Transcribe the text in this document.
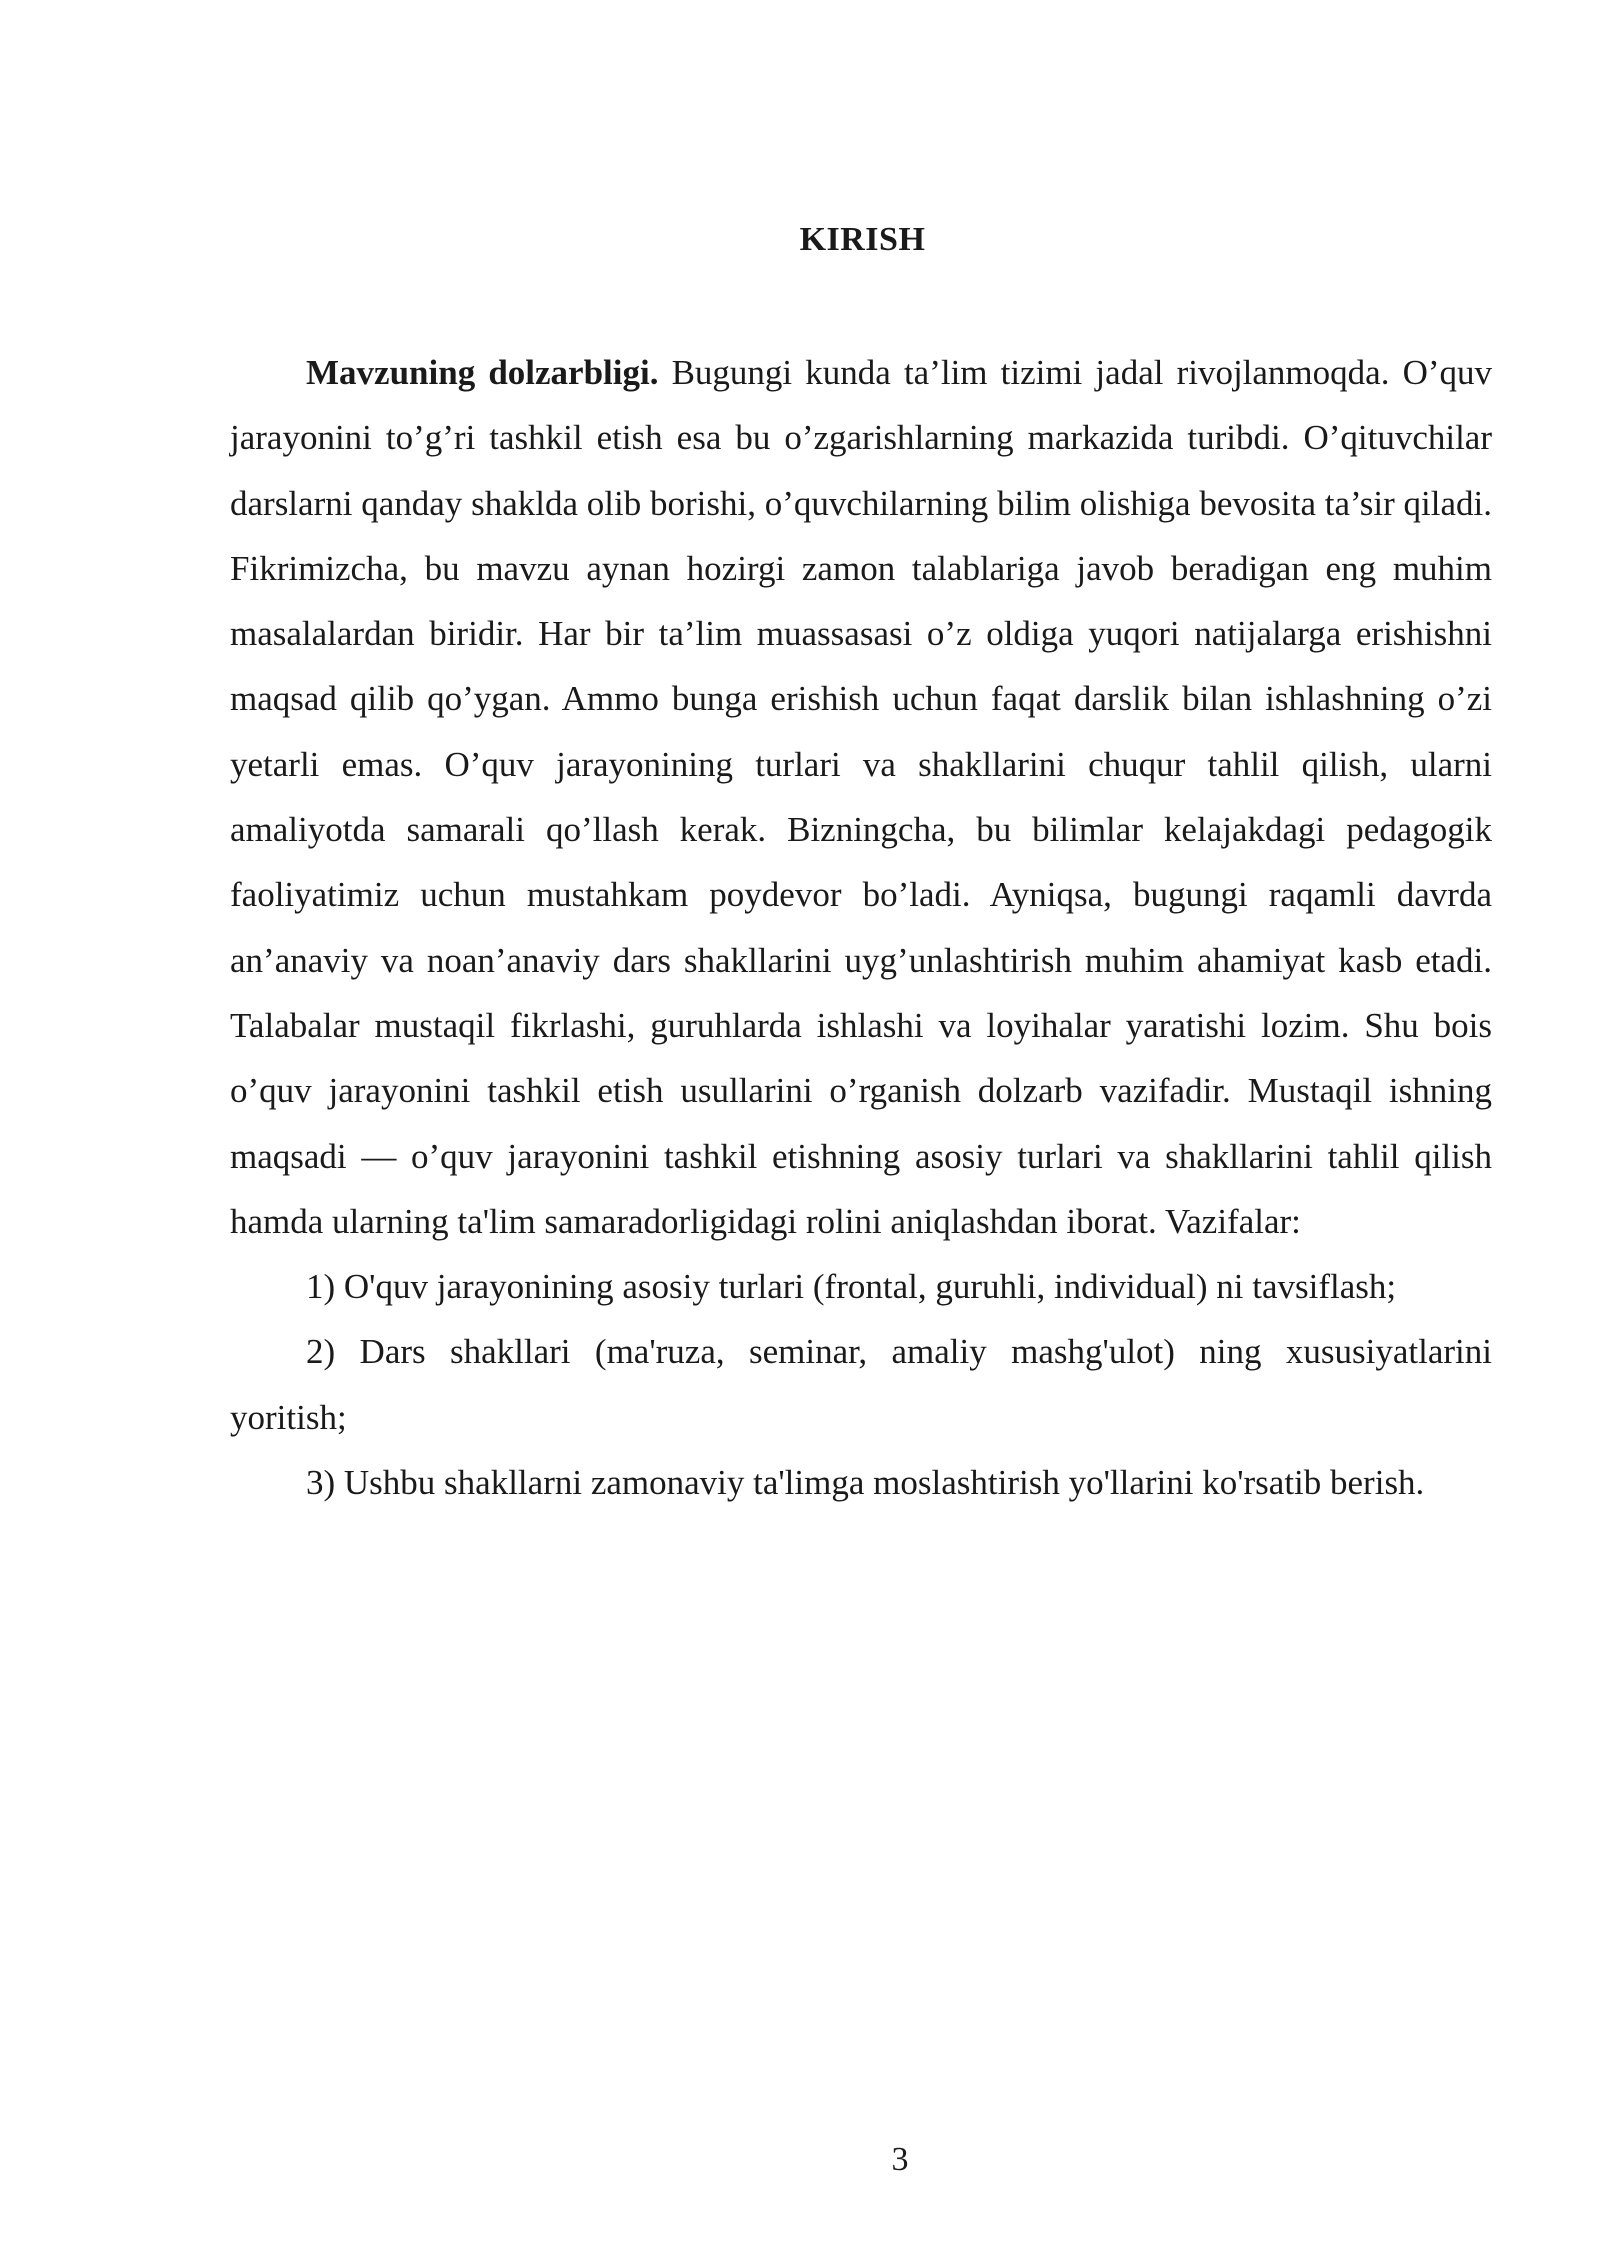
KIRISH

Mavzuning dolzarbligi. Bugungi kunda ta’lim tizimi jadal rivojlanmoqda. O’quv jarayonini to’g’ri tashkil etish esa bu o’zgarishlarning markazida turibdi. O’qituvchilar darslarni qanday shaklda olib borishi, o’quvchilarning bilim olishiga bevosita ta’sir qiladi. Fikrimizcha, bu mavzu aynan hozirgi zamon talablariga javob beradigan eng muhim masalalardan biridir. Har bir ta’lim muassasasi o’z oldiga yuqori natijalarga erishishni maqsad qilib qo’ygan. Ammo bunga erishish uchun faqat darslik bilan ishlashning o’zi yetarli emas. O’quv jarayonining turlari va shakllarini chuqur tahlil qilish, ularni amaliyotda samarali qo’llash kerak. Bizningcha, bu bilimlar kelajakdagi pedagogik faoliyatimiz uchun mustahkam poydevor bo’ladi. Ayniqsa, bugungi raqamli davrda an’anaviy va noan’anaviy dars shakllarini uyg’unlashtirish muhim ahamiyat kasb etadi. Talabalar mustaqil fikrlashi, guruhlarda ishlashi va loyihalar yaratishi lozim. Shu bois o’quv jarayonini tashkil etish usullarini o’rganish dolzarb vazifadir. Mustaqil ishning maqsadi — o’quv jarayonini tashkil etishning asosiy turlari va shakllarini tahlil qilish hamda ularning ta'lim samaradorligidagi rolini aniqlashdan iborat. Vazifalar:

1) O'quv jarayonining asosiy turlari (frontal, guruhli, individual) ni tavsiflash;

2) Dars shakllari (ma'ruza, seminar, amaliy mashg'ulot) ning xususiyatlarini yoritish;

3) Ushbu shakllarni zamonaviy ta'limga moslashtirish yo'llarini ko'rsatib berish.

3
